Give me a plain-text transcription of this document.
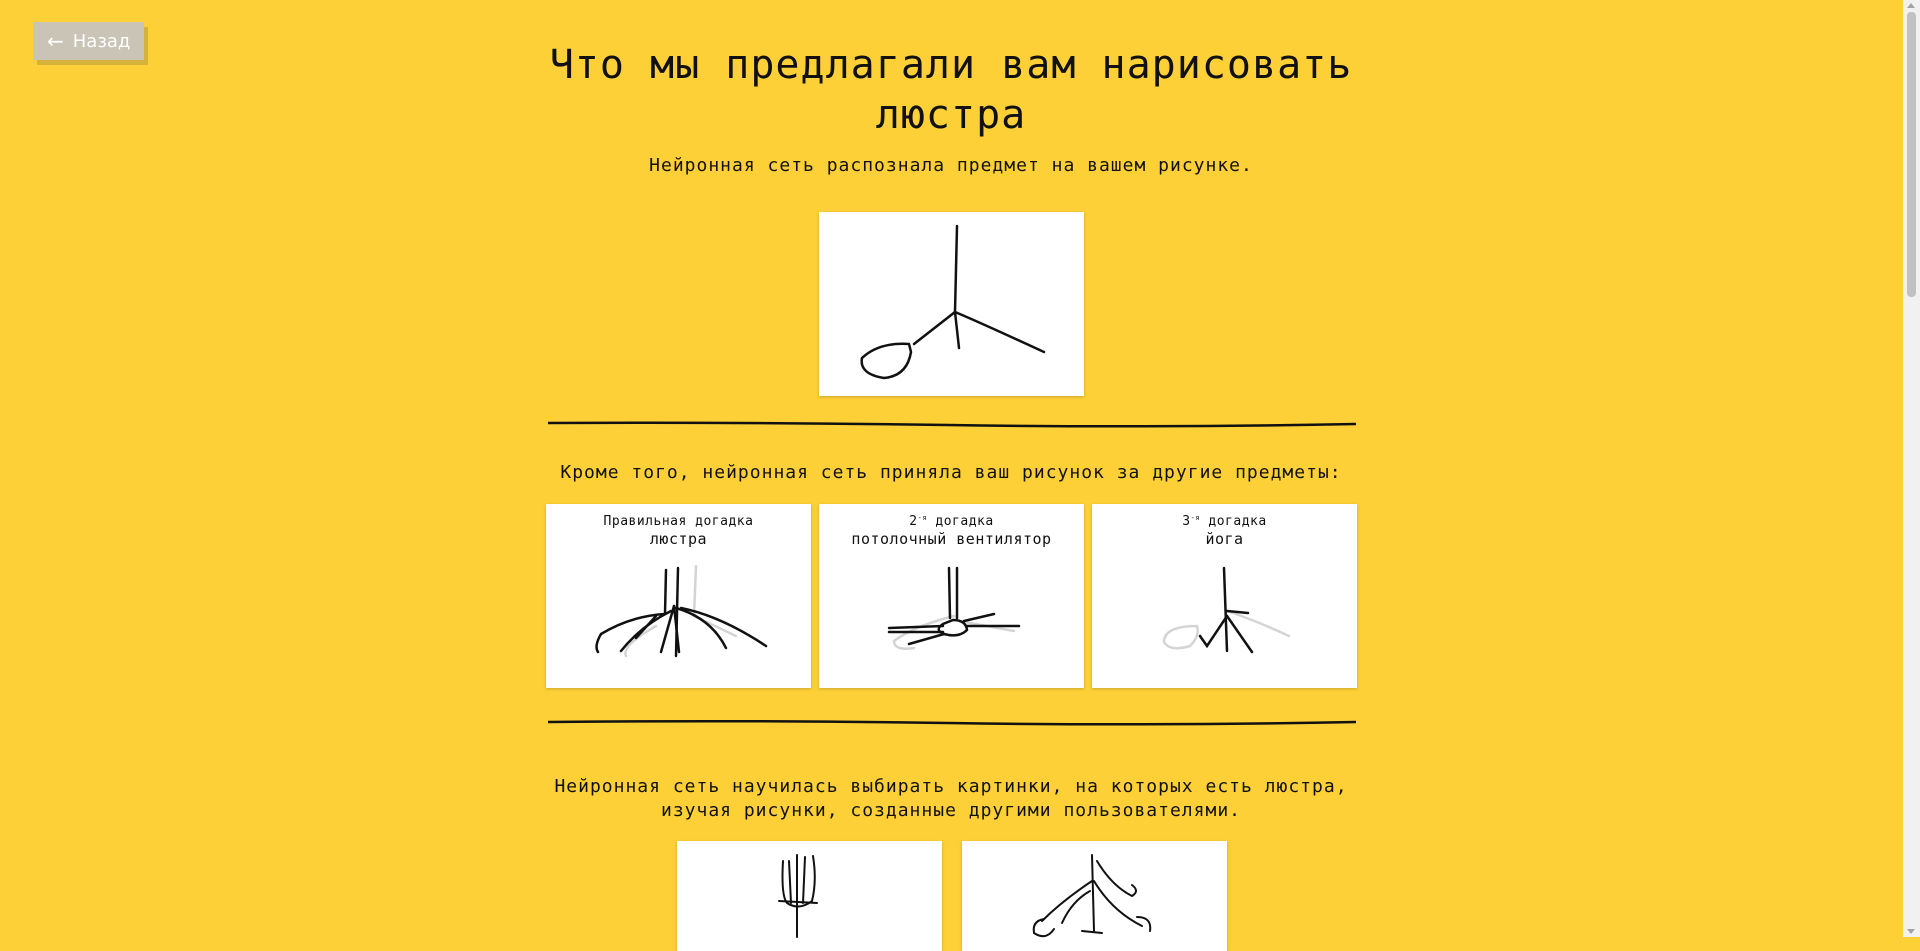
← Назад
Что мы предлагали вам нарисовать
люстра
Нейронная сеть распознала предмет на вашем рисунке.
Кроме того, нейронная сеть приняла ваш рисунок за другие предметы:
Правильная догадка
люстра
$2^{-я}$ догадка
потолочный вентилятор
$3^{-я}$ догадка
йога
Нейронная сеть научилась выбирать картинки, на которых есть люстра,
изучая рисунки, созданные другими пользователями.
